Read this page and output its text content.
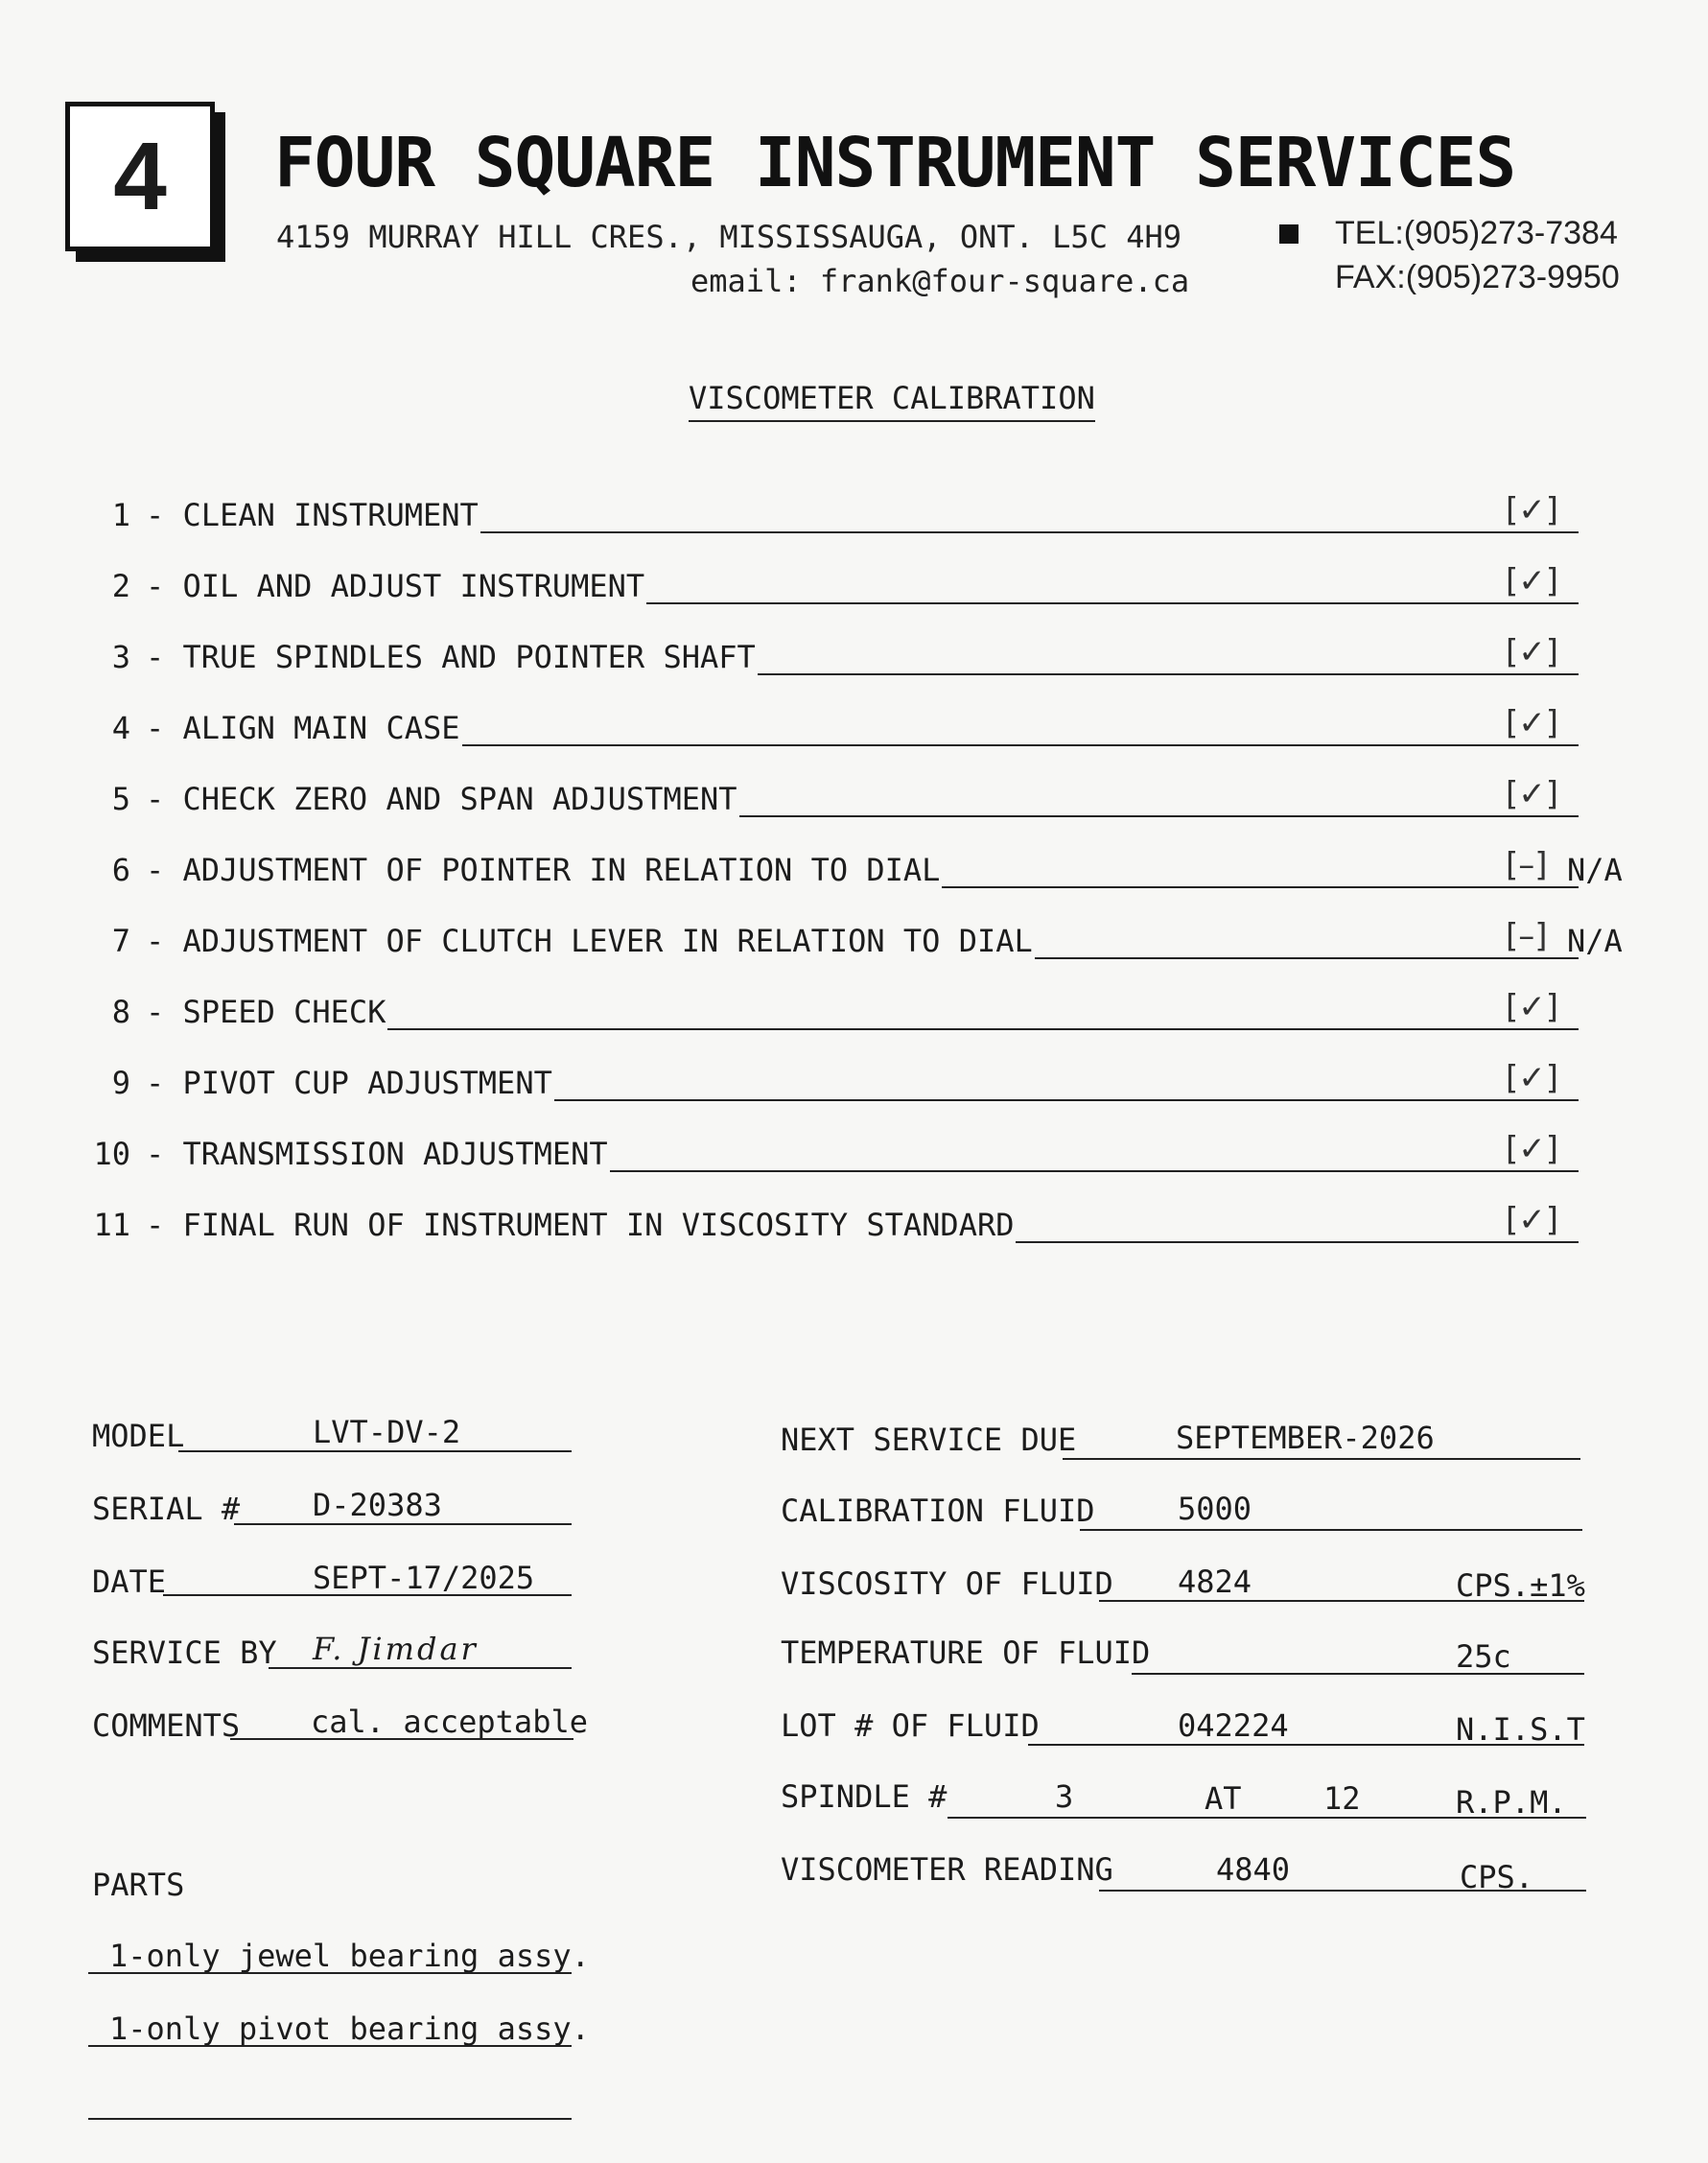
4 FOUR SQUARE INSTRUMENT SERVICES
4159 MURRAY HILL CRES., MISSISSAUGA, ONT. L5C 4H9	TEL:(905)273-7384
email: frank@four-square.ca	FAX:(905)273-9950
VISCOMETER CALIBRATION
1 - CLEAN INSTRUMENT	[✓]
2 - OIL AND ADJUST INSTRUMENT	[✓]
3 - TRUE SPINDLES AND POINTER SHAFT	[✓]
4 - ALIGN MAIN CASE	[✓]
5 - CHECK ZERO AND SPAN ADJUSTMENT	[✓]
6 - ADJUSTMENT OF POINTER IN RELATION TO DIAL	[–] N/A
7 - ADJUSTMENT OF CLUTCH LEVER IN RELATION TO DIAL	[–] N/A
8 - SPEED CHECK	[✓]
9 - PIVOT CUP ADJUSTMENT	[✓]
10 - TRANSMISSION ADJUSTMENT	[✓]
11 - FINAL RUN OF INSTRUMENT IN VISCOSITY STANDARD	[✓]
MODEL	LVT-DV-2
SERIAL # D-20383
DATE	SEPT-17/2025
SERVICE BY F. Jimdar
COMMENTS cal. acceptable
NEXT SERVICE DUE	SEPTEMBER-2026
CALIBRATION FLUID	5000
VISCOSITY OF FLUID 4824	CPS.±1%
TEMPERATURE OF FLUID	25c
LOT # OF FLUID	042224	N.I.S.T
SPINDLE #	3	AT	12	R.P.M.
VISCOMETER READING	4840	CPS.
PARTS
1-only jewel bearing assy.
1-only pivot bearing assy.
